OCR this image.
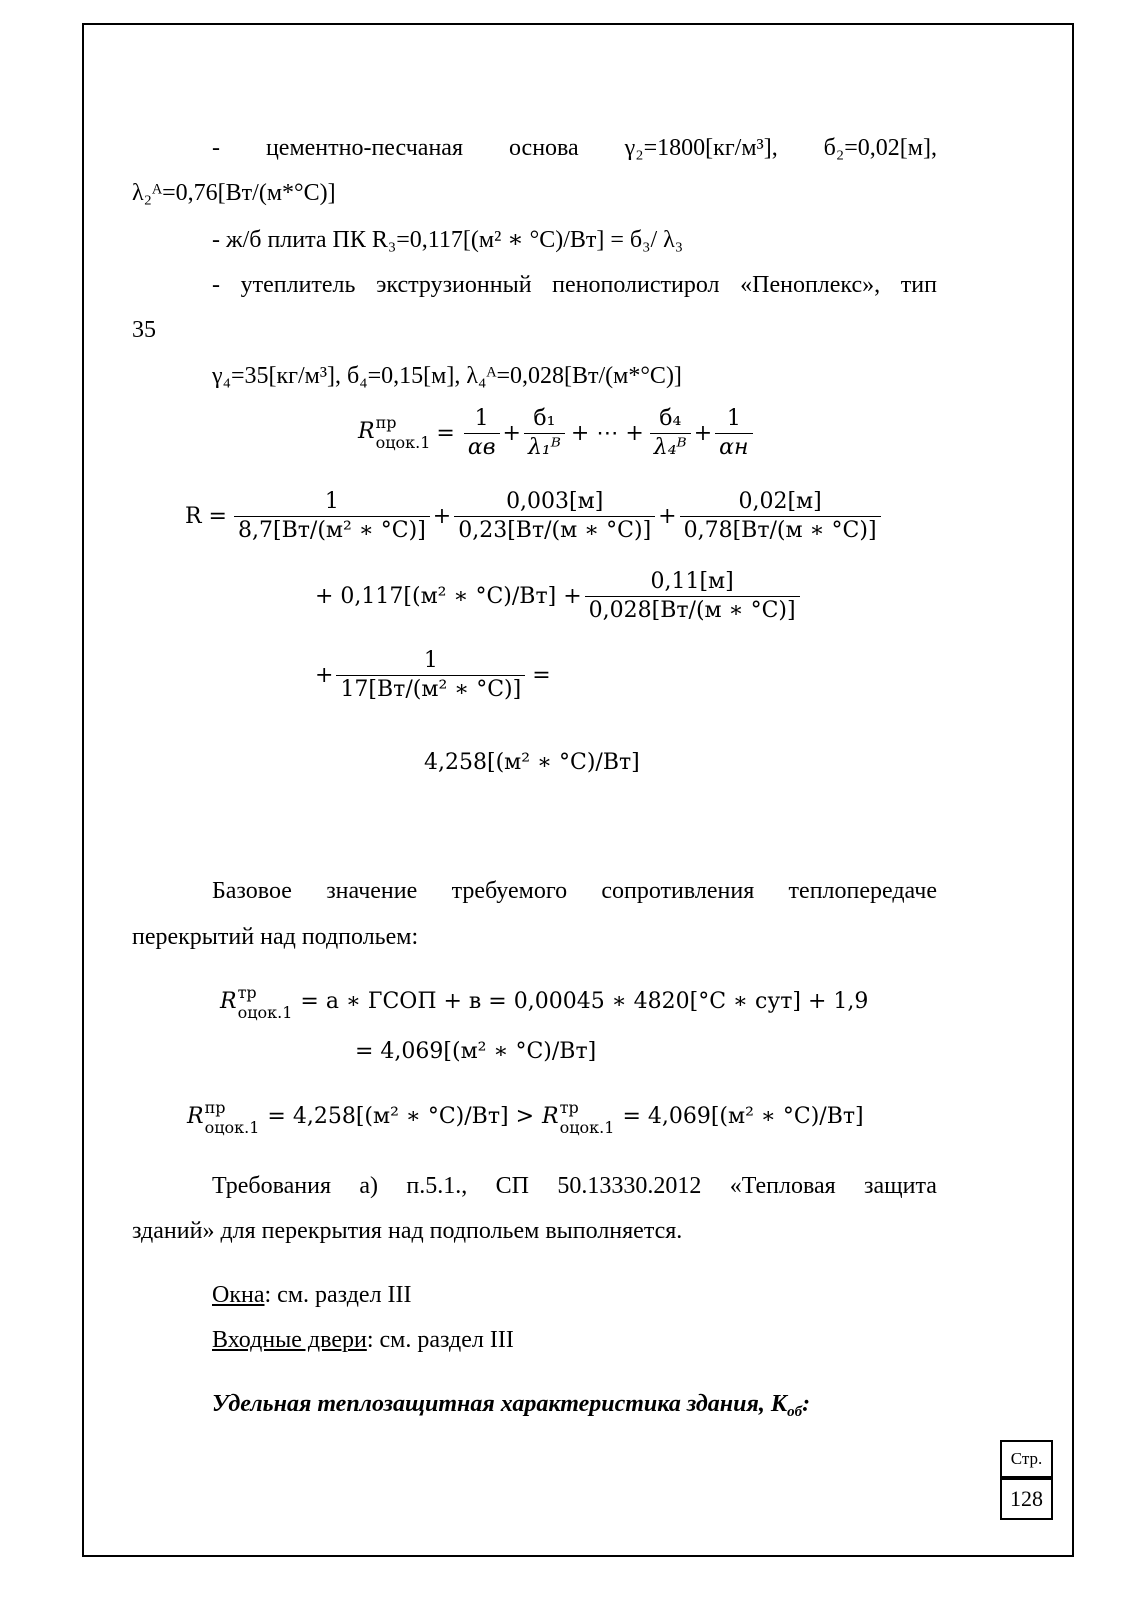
- цементно-песчаная основа γ₂=1800[кг/м³], б₂=0,02[м],
λ₂ᴬ=0,76[Вт/(м*°С)]
- ж/б плита ПК R₃=0,117[(м² ∗ °С)/Вт] = б₃/ λ₃
- утеплитель экструзионный пенополистирол «Пеноплекс», тип
35
γ₄=35[кг/м³], б₄=0,15[м], λ₄ᴬ=0,028[Вт/(м*°С)]
R пр
оцок.1 = $\frac{1}{\alpha в} + \frac{\text{б₁}}{\text{λ₁ᴮ}}$ + ⋯ + $\frac{\text{б₄}}{\text{λ₄ᴮ}} + \frac{1}{\alpha н}$
$R = \frac{1}{\text{8,7[Вт/(м² ∗ °С)]}} + \frac{0,003[м]}{0,23[Вт/(м ∗ ^\circ С)]} + \frac{0,02[м]}{0,78[Вт/(м ∗ ^\circ С)]}$
+ 0,117[(м² ∗ $^\circ С)/Вт] + \frac{0,11[м]}{0,028[Вт/(м ∗ ^\circ С)]}$
+ $\frac{1}{\text{17[Вт/(м² ∗ °С)]}}$ =
4,258[(м² ∗ °С)/Вт]
Базовое значение требуемого сопротивления теплопередаче
перекрытий над подпольем:
R тр
оцок.1 = а ∗ ГСОП + в = 0,00045 ∗ 4820[°С ∗ сут] + 1,9
= 4,069[(м² ∗ °С)/Вт]
R пр
оцок.1 = 4,258[(м² ∗ °С)/Вт] > R тр
оцок.1 = 4,069[(м² ∗ °С)/Вт]
Требования а) п.5.1., СП 50.13330.2012 «Тепловая защита
зданий» для перекрытия над подпольем выполняется.
Окна: см. раздел III
Входные двери: см. раздел III
Удельная теплозащитная характеристика здания, $К_{об}$:
Стр.
128
